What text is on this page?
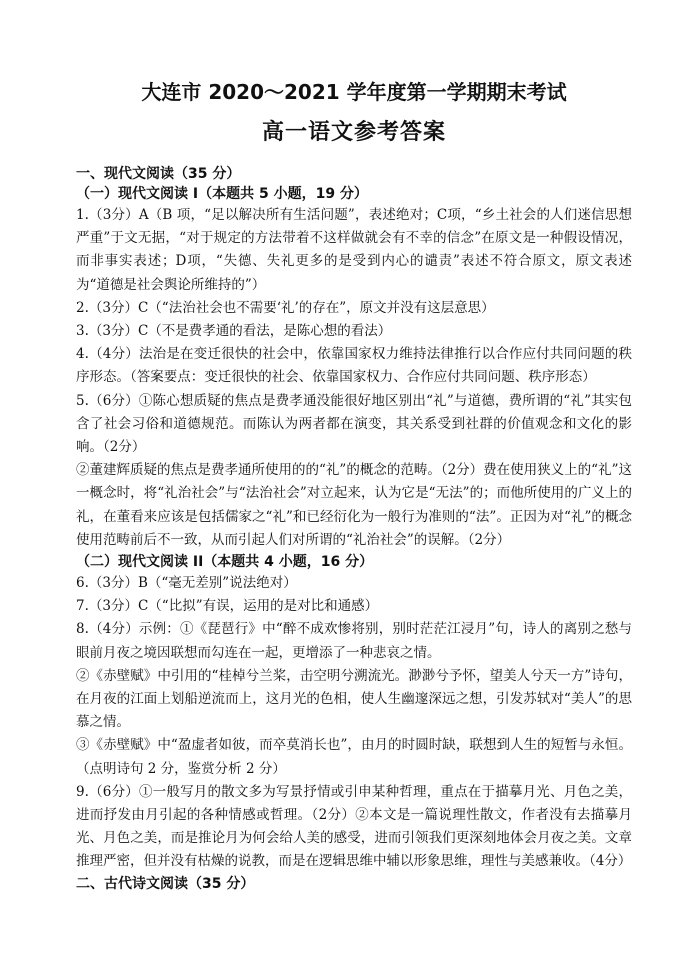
大连市 2020～2021 学年度第一学期期末考试
高一语文参考答案

一、现代文阅读（35 分）

（一）现代文阅读 I（本题共 5 小题，19 分）

1.（3分）A（B 项，“足以解决所有生活问题”，表述绝对；C项，“乡土社会的人们迷信思想严重”于文无据，“对于规定的方法带着不这样做就会有不幸的信念”在原文是一种假设情况，而非事实表述；D项，“失德、失礼更多的是受到内心的谴责”表述不符合原文，原文表述为“道德是社会舆论所维持的”）

2.（3分）C（“法治社会也不需要‘礼’的存在”，原文并没有这层意思）

3.（3分）C（不是费孝通的看法，是陈心想的看法）

4.（4分）法治是在变迁很快的社会中，依靠国家权力维持法律推行以合作应付共同问题的秩序形态。（答案要点：变迁很快的社会、依靠国家权力、合作应付共同问题、秩序形态）

5.（6分）①陈心想质疑的焦点是费孝通没能很好地区别出“礼”与道德，费所谓的“礼”其实包含了社会习俗和道德规范。而陈认为两者都在演变，其关系受到社群的价值观念和文化的影响。（2分）

②董建辉质疑的焦点是费孝通所使用的的“礼”的概念的范畴。（2分）费在使用狭义上的“礼”这一概念时，将“礼治社会”与“法治社会”对立起来，认为它是“无法”的；而他所使用的广义上的礼，在董看来应该是包括儒家之“礼”和已经衍化为一般行为准则的“法”。正因为对“礼”的概念使用范畴前后不一致，从而引起人们对所谓的“礼治社会”的误解。（2分）

（二）现代文阅读 II（本题共 4 小题，16 分）

6.（3分）B（“毫无差别”说法绝对）

7.（3分）C（“比拟”有误，运用的是对比和通感）

8.（4分）示例：①《琵琶行》中“醉不成欢惨将别，别时茫茫江浸月”句，诗人的离别之愁与眼前月夜之境因联想而勾连在一起，更增添了一种悲哀之情。

②《赤壁赋》中引用的“桂棹兮兰桨，击空明兮溯流光。渺渺兮予怀，望美人兮天一方”诗句，在月夜的江面上划船逆流而上，这月光的色相，使人生幽邃深远之想，引发苏轼对“美人”的思慕之情。

③《赤壁赋》中“盈虚者如彼，而卒莫消长也”，由月的时圆时缺，联想到人生的短暂与永恒。（点明诗句 2 分，鉴赏分析 2 分）

9.（6分）①一般写月的散文多为写景抒情或引申某种哲理，重点在于描摹月光、月色之美，进而抒发由月引起的各种情感或哲理。（2分）②本文是一篇说理性散文，作者没有去描摹月光、月色之美，而是推论月为何会给人美的感受，进而引领我们更深刻地体会月夜之美。文章推理严密，但并没有枯燥的说教，而是在逻辑思维中辅以形象思维，理性与美感兼收。（4分）

二、古代诗文阅读（35 分）
